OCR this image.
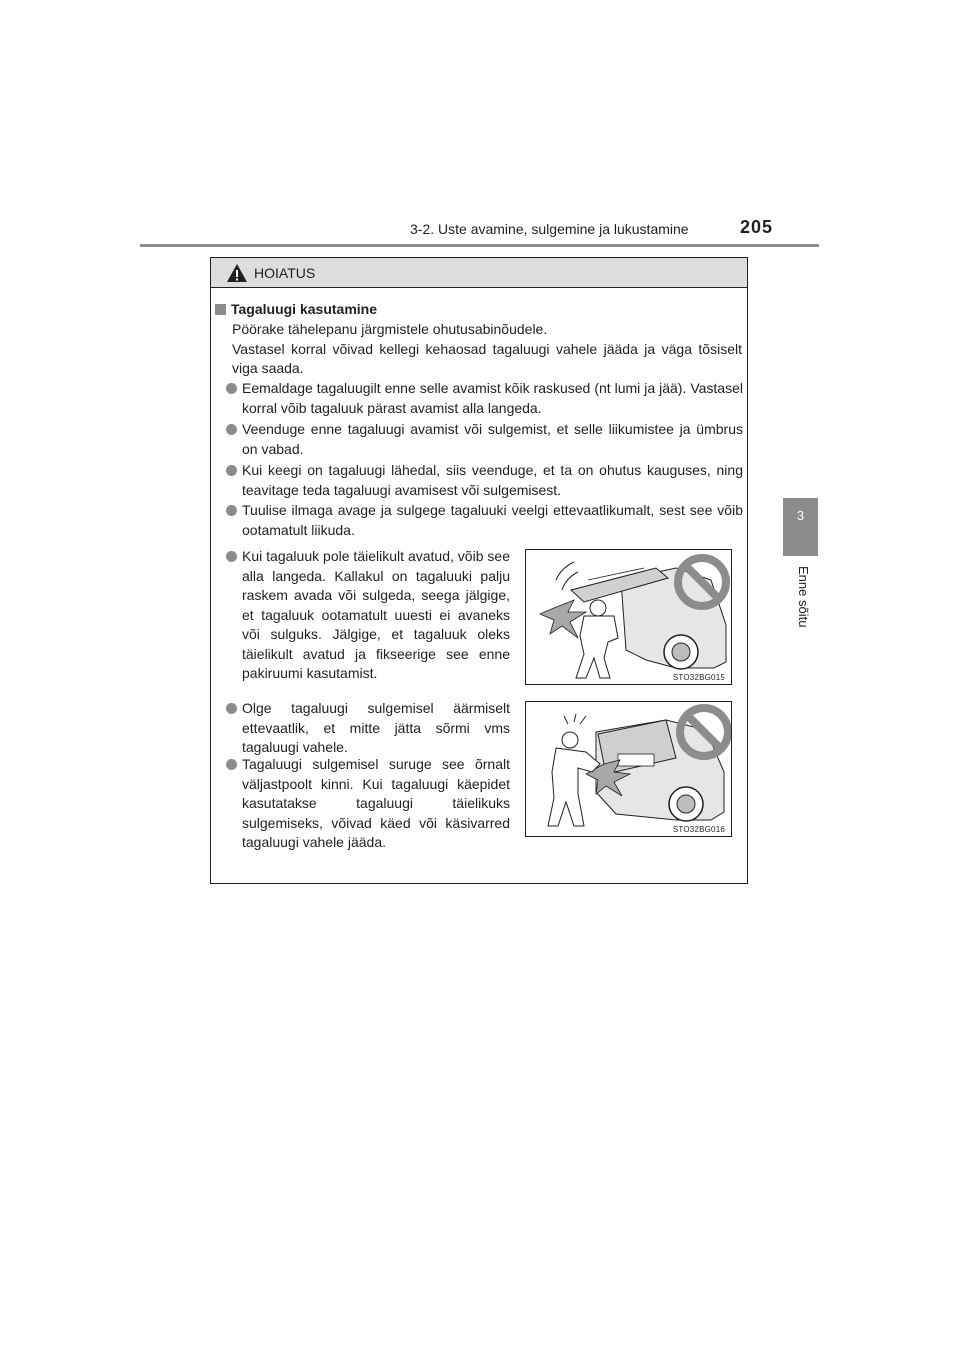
3-2. Uste avamine, sulgemine ja lukustamine	205
3
Enne sõitu
HOIATUS
Tagaluugi kasutamine
Pöörake tähelepanu järgmistele ohutusabinõudele.
Vastasel korral võivad kellegi kehaosad tagaluugi vahele jääda ja väga tõsiselt viga saada.
Eemaldage tagaluugilt enne selle avamist kõik raskused (nt lumi ja jää). Vastasel korral võib tagaluuk pärast avamist alla langeda.
Veenduge enne tagaluugi avamist või sulgemist, et selle liikumistee ja ümbrus on vabad.
Kui keegi on tagaluugi lähedal, siis veenduge, et ta on ohutus kauguses, ning teavitage teda tagaluugi avamisest või sulgemisest.
Tuulise ilmaga avage ja sulgege tagaluuki veelgi ettevaatlikumalt, sest see võib ootamatult liikuda.
Kui tagaluuk pole täielikult avatud, võib see alla langeda. Kallakul on tagaluuki palju raskem avada või sulgeda, seega jälgige, et tagaluuk ootamatult uuesti ei avaneks või sulguks. Jälgige, et tagaluuk oleks täielikult avatud ja fikseerige see enne pakiruumi kasutamist.
Olge tagaluugi sulgemisel äärmiselt ettevaatlik, et mitte jätta sõrmi vms tagaluugi vahele.
Tagaluugi sulgemisel suruge see õrnalt väljastpoolt kinni. Kui tagaluugi käepidet kasutatakse tagaluugi täielikuks sulgemiseks, võivad käed või käsivarred tagaluugi vahele jääda.
STO32BG015
STO32BG016
